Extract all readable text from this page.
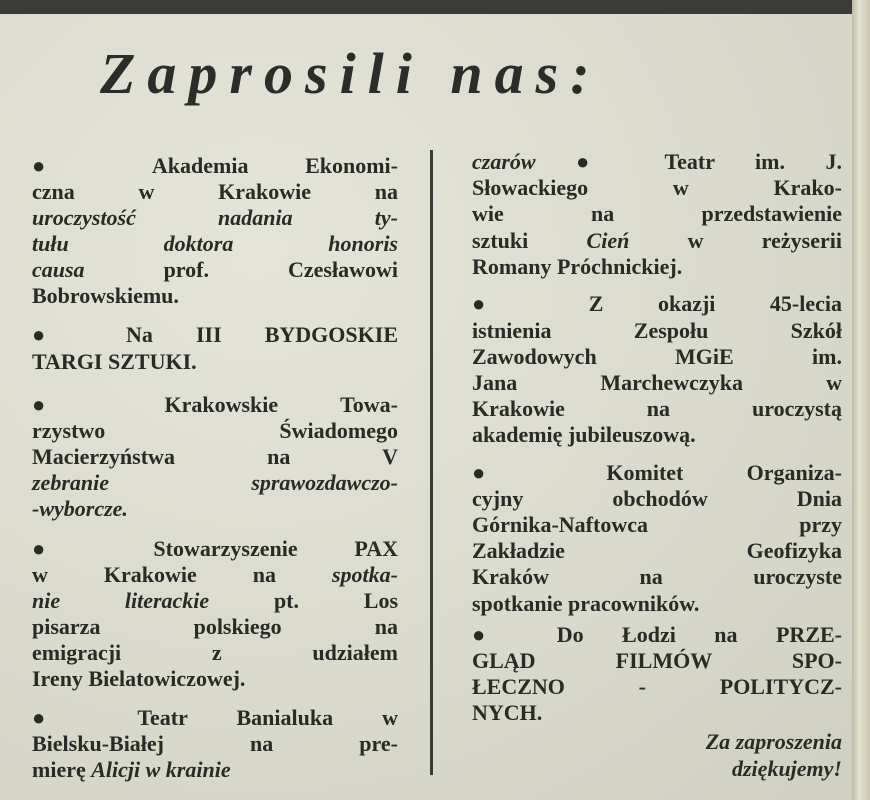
Zaprosili nas:
● Akademia Ekonomi-
czna w Krakowie na
uroczystość nadania ty-
tułu doktora honoris
causa prof. Czesławowi
Bobrowskiemu.
● Na III BYDGOSKIE
TARGI SZTUKI.
● Krakowskie Towa-
rzystwo Świadomego
Macierzyństwa na V
zebranie sprawozdawczo-
-wyborcze.
● Stowarzyszenie PAX
w Krakowie na spotka-
nie literackie pt. Los
pisarza polskiego na
emigracji z udziałem
Ireny Bielatowiczowej.
● Teatr Banialuka w
Bielsku-Białej na pre-
mierę Alicji w krainie
czarów ● Teatr im. J.
Słowackiego w Krako-
wie na przedstawienie
sztuki Cień w reżyserii
Romany Próchnickiej.
● Z okazji 45-lecia
istnienia Zespołu Szkół
Zawodowych MGiE im.
Jana Marchewczyka w
Krakowie na uroczystą
akademię jubileuszową.
● Komitet Organiza-
cyjny obchodów Dnia
Górnika-Naftowca przy
Zakładzie Geofizyka
Kraków na uroczyste
spotkanie pracowników.
● Do Łodzi na PRZE-
GLĄD FILMÓW SPO-
ŁECZNO - POLITYCZ-
NYCH.
Za zaproszenia
dziękujemy!
